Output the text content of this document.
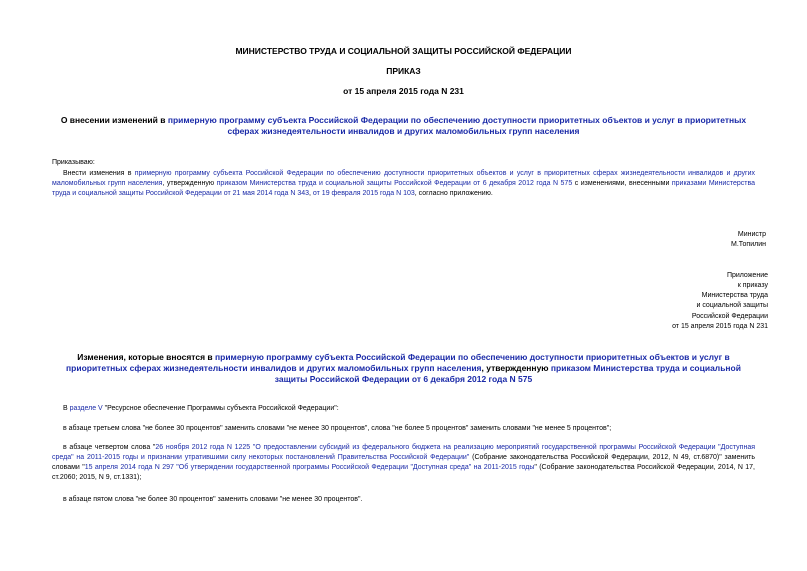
МИНИСТЕРСТВО ТРУДА И СОЦИАЛЬНОЙ ЗАЩИТЫ РОССИЙСКОЙ ФЕДЕРАЦИИ
ПРИКАЗ
от 15 апреля 2015 года N 231
О внесении изменений в примерную программу субъекта Российской Федерации по обеспечению доступности приоритетных объектов и услуг в приоритетных сферах жизнедеятельности инвалидов и других маломобильных групп населения
Приказываю:
Внести изменения в примерную программу субъекта Российской Федерации по обеспечению доступности приоритетных объектов и услуг в приоритетных сферах жизнедеятельности инвалидов и других маломобильных групп населения, утвержденную приказом Министерства труда и социальной защиты Российской Федерации от 6 декабря 2012 года N 575 с изменениями, внесенными приказами Министерства труда и социальной защиты Российской Федерации от 21 мая 2014 года N 343, от 19 февраля 2015 года N 103, согласно приложению.
Министр
М.Топилин
Приложение
к приказу
Министерства труда
и социальной защиты
Российской Федерации
от 15 апреля 2015 года N 231
Изменения, которые вносятся в примерную программу субъекта Российской Федерации по обеспечению доступности приоритетных объектов и услуг в приоритетных сферах жизнедеятельности инвалидов и других маломобильных групп населения, утвержденную приказом Министерства труда и социальной защиты Российской Федерации от 6 декабря 2012 года N 575
В разделе V "Ресурсное обеспечение Программы субъекта Российской Федерации":
в абзаце третьем слова "не более 30 процентов" заменить словами "не менее 30 процентов", слова "не более 5 процентов" заменить словами "не менее 5 процентов";
в абзаце четвертом слова "26 ноября 2012 года N 1225 "О предоставлении субсидий из федерального бюджета на реализацию мероприятий государственной программы Российской Федерации "Доступная среда" на 2011-2015 годы и признании утратившими силу некоторых постановлений Правительства Российской Федерации" (Собрание законодательства Российской Федерации, 2012, N 49, ст.6870)" заменить словами "15 апреля 2014 года N 297 "Об утверждении государственной программы Российской Федерации "Доступная среда" на 2011-2015 годы" (Собрание законодательства Российской Федерации, 2014, N 17, ст.2060; 2015, N 9, ст.1331);
в абзаце пятом слова "не более 30 процентов" заменить словами "не менее 30 процентов".
